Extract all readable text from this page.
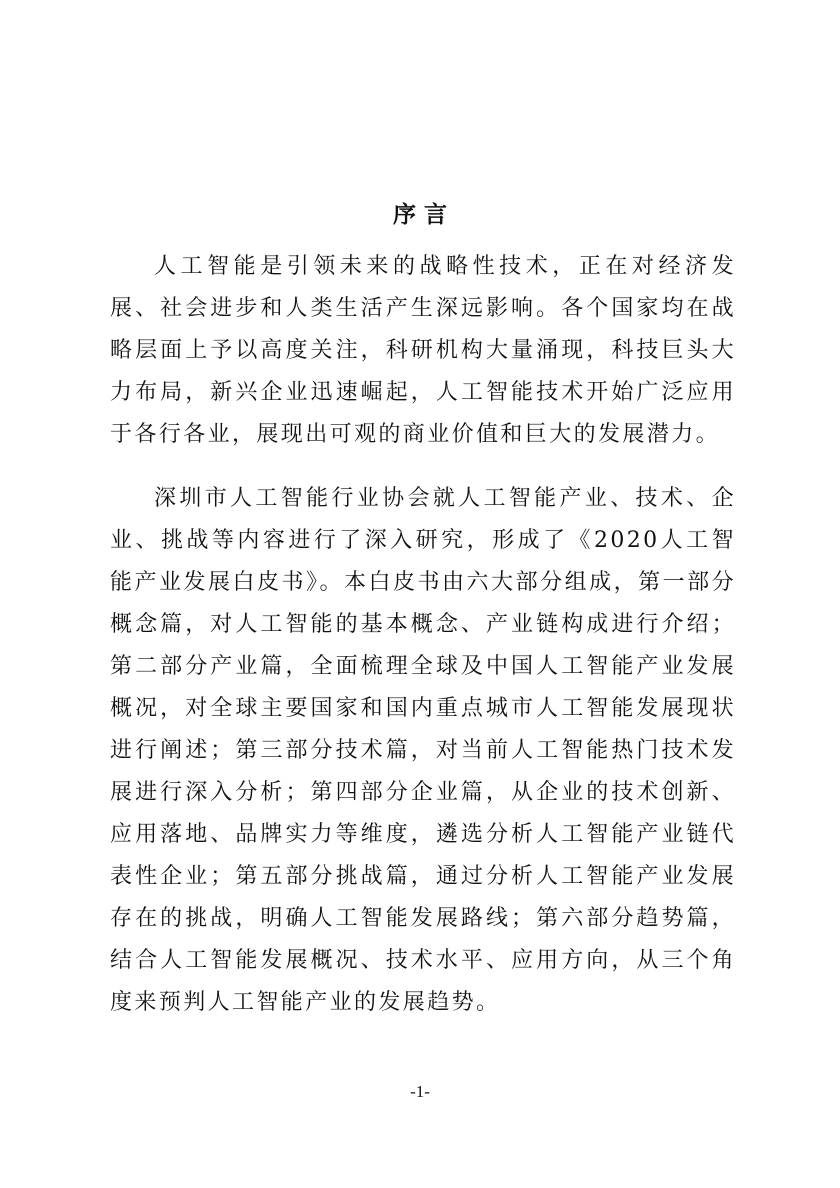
序 言

人工智能是引领未来的战略性技术，正在对经济发展、社会进步和人类生活产生深远影响。各个国家均在战略层面上予以高度关注，科研机构大量涌现，科技巨头大力布局，新兴企业迅速崛起，人工智能技术开始广泛应用于各行各业，展现出可观的商业价值和巨大的发展潜力。

深圳市人工智能行业协会就人工智能产业、技术、企业、挑战等内容进行了深入研究，形成了《2020人工智能产业发展白皮书》。本白皮书由六大部分组成，第一部分概念篇，对人工智能的基本概念、产业链构成进行介绍；第二部分产业篇，全面梳理全球及中国人工智能产业发展概况，对全球主要国家和国内重点城市人工智能发展现状进行阐述；第三部分技术篇，对当前人工智能热门技术发展进行深入分析；第四部分企业篇，从企业的技术创新、应用落地、品牌实力等维度，遴选分析人工智能产业链代表性企业；第五部分挑战篇，通过分析人工智能产业发展存在的挑战，明确人工智能发展路线；第六部分趋势篇，结合人工智能发展概况、技术水平、应用方向，从三个角度来预判人工智能产业的发展趋势。

-1-
